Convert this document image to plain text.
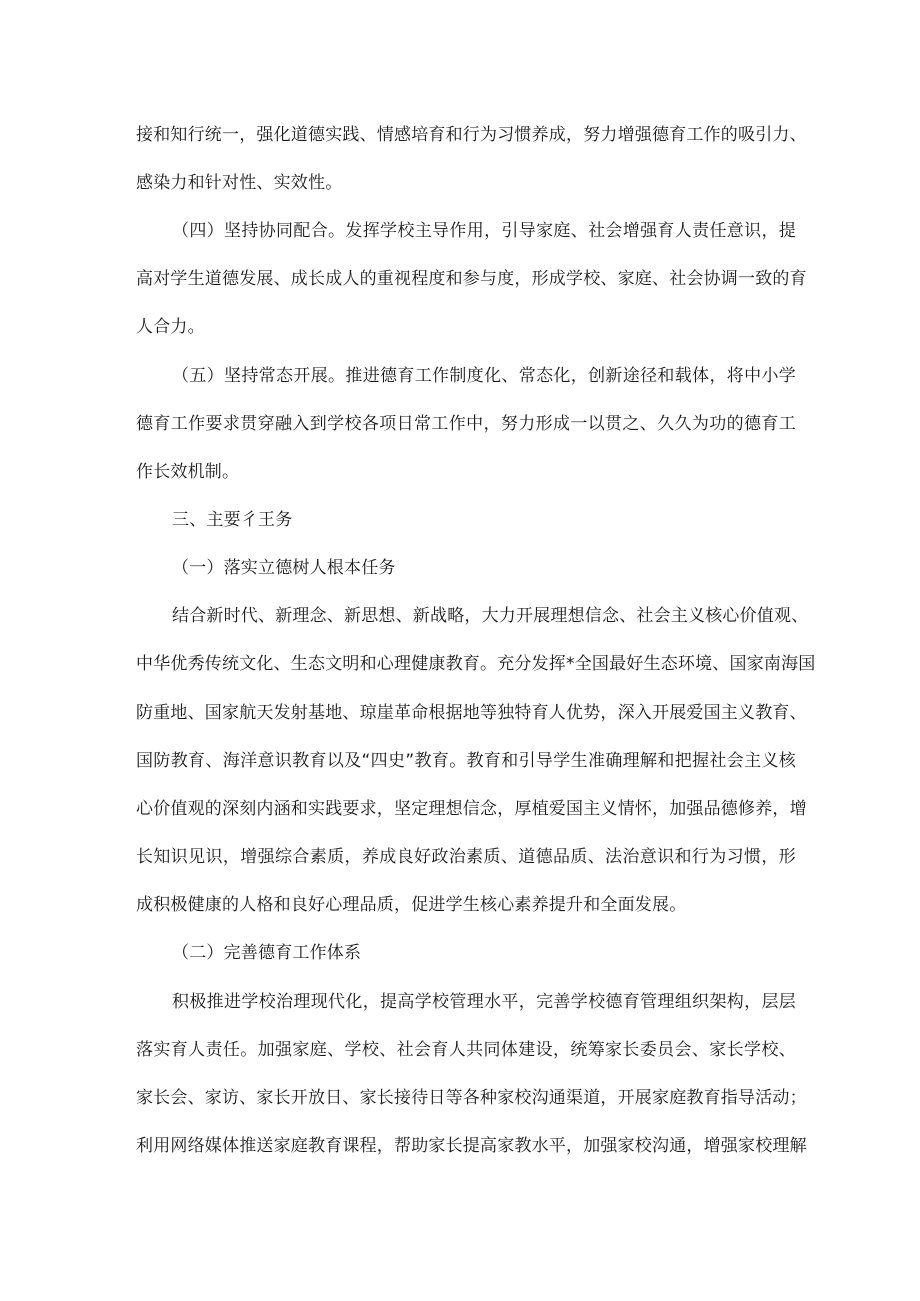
接和知行统一，强化道德实践、情感培育和行为习惯养成，努力增强德育工作的吸引力、
感染力和针对性、实效性。
（四）坚持协同配合。发挥学校主导作用，引导家庭、社会增强育人责任意识，提
高对学生道德发展、成长成人的重视程度和参与度，形成学校、家庭、社会协调一致的育
人合力。
（五）坚持常态开展。推进德育工作制度化、常态化，创新途径和载体，将中小学
德育工作要求贯穿融入到学校各项日常工作中，努力形成一以贯之、久久为功的德育工
作长效机制。
三、主要彳王务
（一）落实立德树人根本任务
结合新时代、新理念、新思想、新战略，大力开展理想信念、社会主义核心价值观、
中华优秀传统文化、生态文明和心理健康教育。充分发挥*全国最好生态环境、国家南海国
防重地、国家航天发射基地、琼崖革命根据地等独特育人优势，深入开展爱国主义教育、
国防教育、海洋意识教育以及“四史”教育。教育和引导学生准确理解和把握社会主义核
心价值观的深刻内涵和实践要求，坚定理想信念，厚植爱国主义情怀，加强品德修养，增
长知识见识，增强综合素质，养成良好政治素质、道德品质、法治意识和行为习惯，形
成积极健康的人格和良好心理品质，促进学生核心素养提升和全面发展。
（二）完善德育工作体系
积极推进学校治理现代化，提高学校管理水平，完善学校德育管理组织架构，层层
落实育人责任。加强家庭、学校、社会育人共同体建设，统筹家长委员会、家长学校、
家长会、家访、家长开放日、家长接待日等各种家校沟通渠道，开展家庭教育指导活动；
利用网络媒体推送家庭教育课程，帮助家长提高家教水平，加强家校沟通，增强家校理解
